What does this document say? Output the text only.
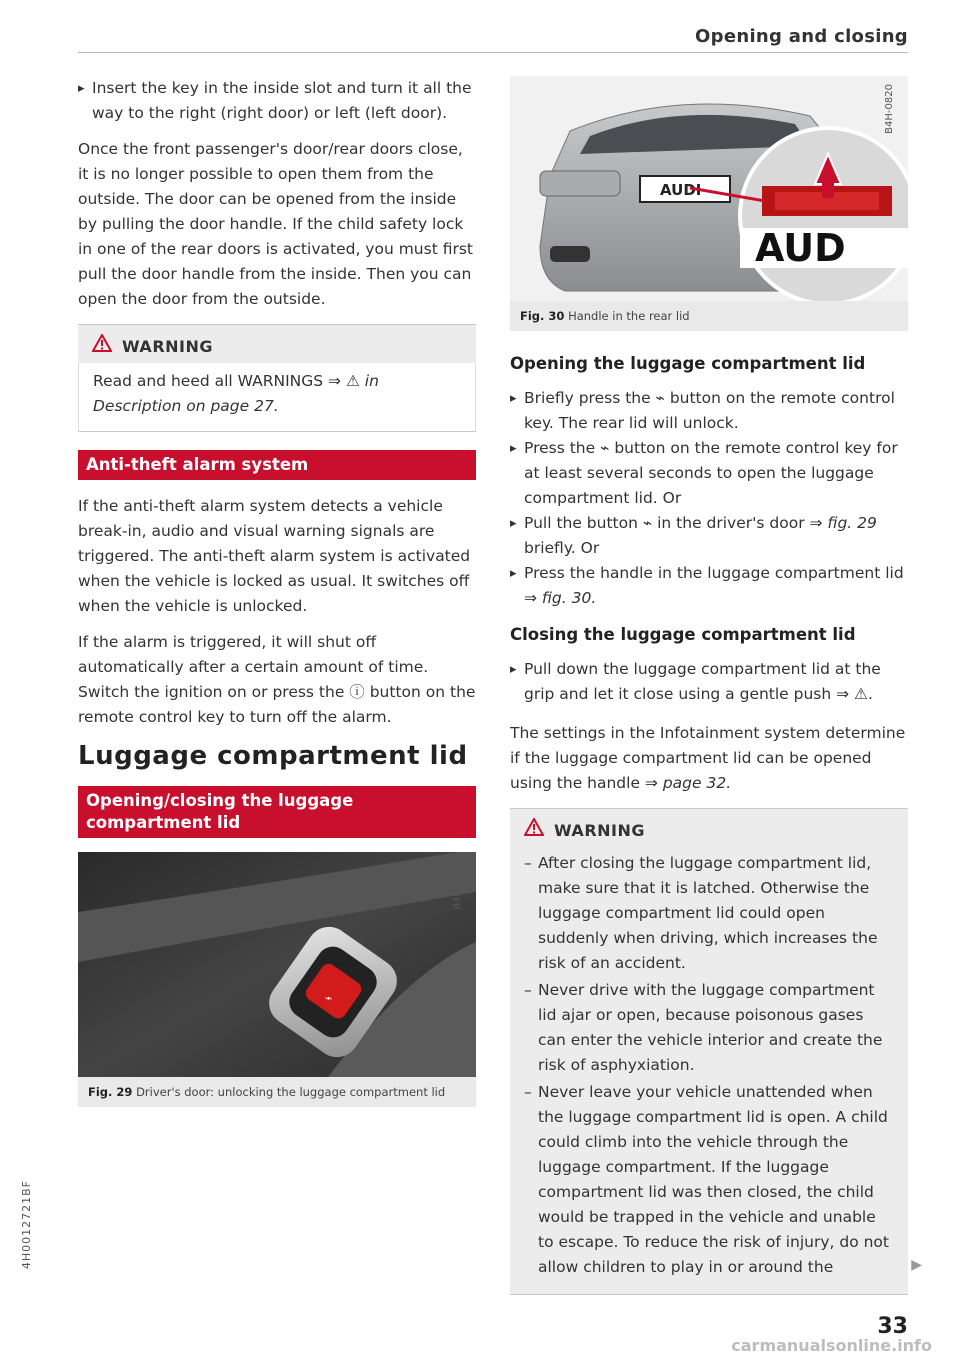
Opening and closing

▸ Insert the key in the inside slot and turn it all the way to the right (right door) or left (left door).

Once the front passenger's door/rear doors close, it is no longer possible to open them from the outside. The door can be opened from the inside by pulling the door handle. If the child safety lock in one of the rear doors is activated, you must first pull the door handle from the inside. Then you can open the door from the outside.

WARNING
Read and heed all WARNINGS ⇒ ⚠ in Description on page 27.
Anti-theft alarm system

If the anti-theft alarm system detects a vehicle break-in, audio and visual warning signals are triggered. The anti-theft alarm system is activated when the vehicle is locked as usual. It switches off when the vehicle is unlocked.

If the alarm is triggered, it will shut off automatically after a certain amount of time. Switch the ignition on or press the ⓘ button on the remote control key to turn off the alarm.

Luggage compartment lid
Opening/closing the luggage compartment lid
⌁
B4H-0298
Fig. 29 Driver's door: unlocking the luggage compartment lid
AUDI
AUD
B4H-0820
Fig. 30 Handle in the rear lid
Opening the luggage compartment lid

▸ Briefly press the ⌁ button on the remote control key. The rear lid will unlock.

▸ Press the ⌁ button on the remote control key for at least several seconds to open the luggage compartment lid. Or

▸ Pull the button ⌁ in the driver's door ⇒ fig. 29 briefly. Or

▸ Press the handle in the luggage compartment lid ⇒ fig. 30.

Closing the luggage compartment lid

▸ Pull down the luggage compartment lid at the grip and let it close using a gentle push ⇒ ⚠.

The settings in the Infotainment system determine if the luggage compartment lid can be opened using the handle ⇒ page 32.

WARNING

– After closing the luggage compartment lid, make sure that it is latched. Otherwise the luggage compartment lid could open suddenly when driving, which increases the risk of an accident.

– Never drive with the luggage compartment lid ajar or open, because poisonous gases can enter the vehicle interior and create the risk of asphyxiation.

– Never leave your vehicle unattended when the luggage compartment lid is open. A child could climb into the vehicle through the luggage compartment. If the luggage compartment lid was then closed, the child would be trapped in the vehicle and unable to escape. To reduce the risk of injury, do not allow children to play in or around the	▶
33
4H0012721BF
carmanualsonline.info
